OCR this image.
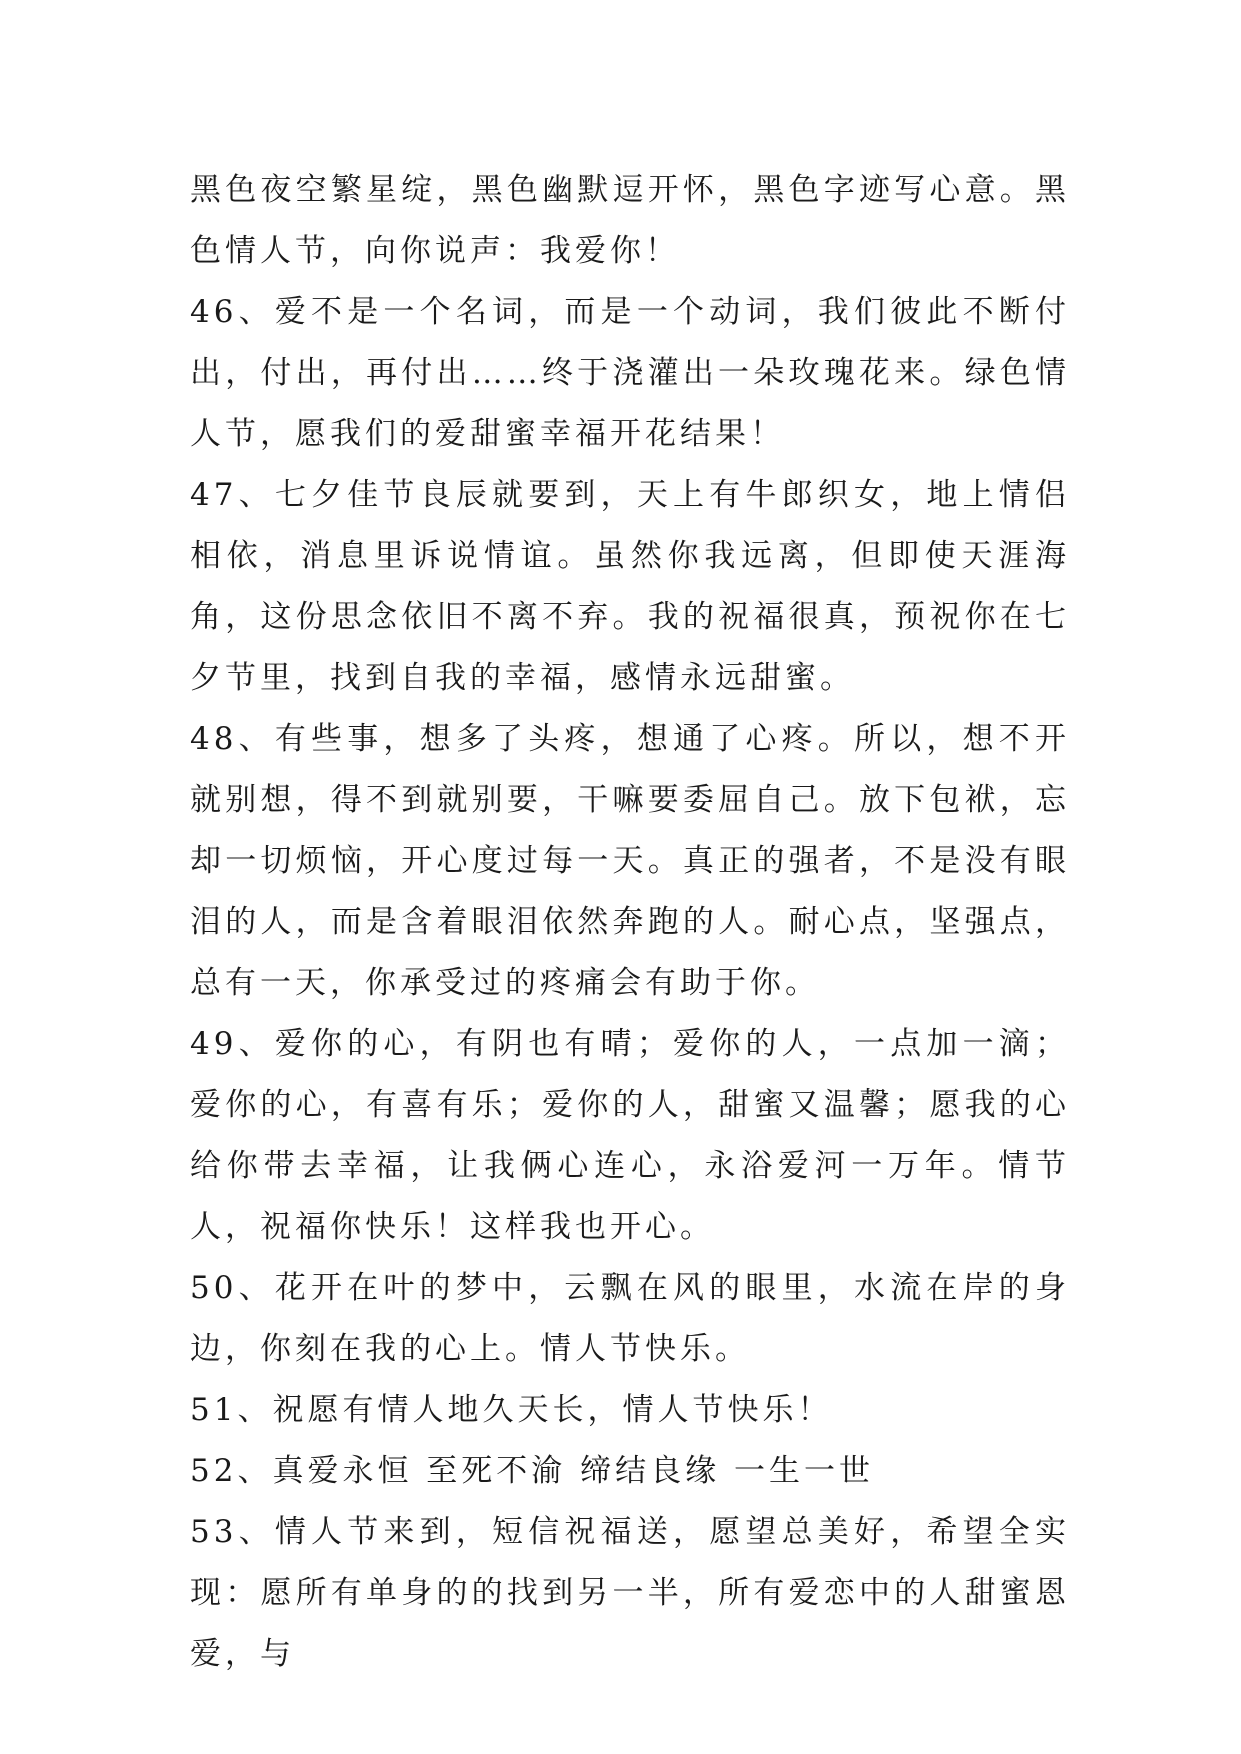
黑色夜空繁星绽，黑色幽默逗开怀，黑色字迹写心意。黑色情人节，向你说声：我爱你！

46、爱不是一个名词，而是一个动词，我们彼此不断付出，付出，再付出……终于浇灌出一朵玫瑰花来。绿色情人节，愿我们的爱甜蜜幸福开花结果！

47、七夕佳节良辰就要到，天上有牛郎织女，地上情侣相依，消息里诉说情谊。虽然你我远离，但即使天涯海角，这份思念依旧不离不弃。我的祝福很真，预祝你在七夕节里，找到自我的幸福，感情永远甜蜜。

48、有些事，想多了头疼，想通了心疼。所以，想不开就别想，得不到就别要，干嘛要委屈自己。放下包袱，忘却一切烦恼，开心度过每一天。真正的强者，不是没有眼泪的人，而是含着眼泪依然奔跑的人。耐心点，坚强点，总有一天，你承受过的疼痛会有助于你。

49、爱你的心，有阴也有晴；爱你的人，一点加一滴；爱你的心，有喜有乐；爱你的人，甜蜜又温馨；愿我的心给你带去幸福，让我俩心连心，永浴爱河一万年。情节人，祝福你快乐！这样我也开心。

50、花开在叶的梦中，云飘在风的眼里，水流在岸的身边，你刻在我的心上。情人节快乐。

51、祝愿有情人地久天长，情人节快乐！

52、真爱永恒 至死不渝 缔结良缘 一生一世

53、情人节来到，短信祝福送，愿望总美好，希望全实现：愿所有单身的的找到另一半，所有爱恋中的人甜蜜恩爱，与
